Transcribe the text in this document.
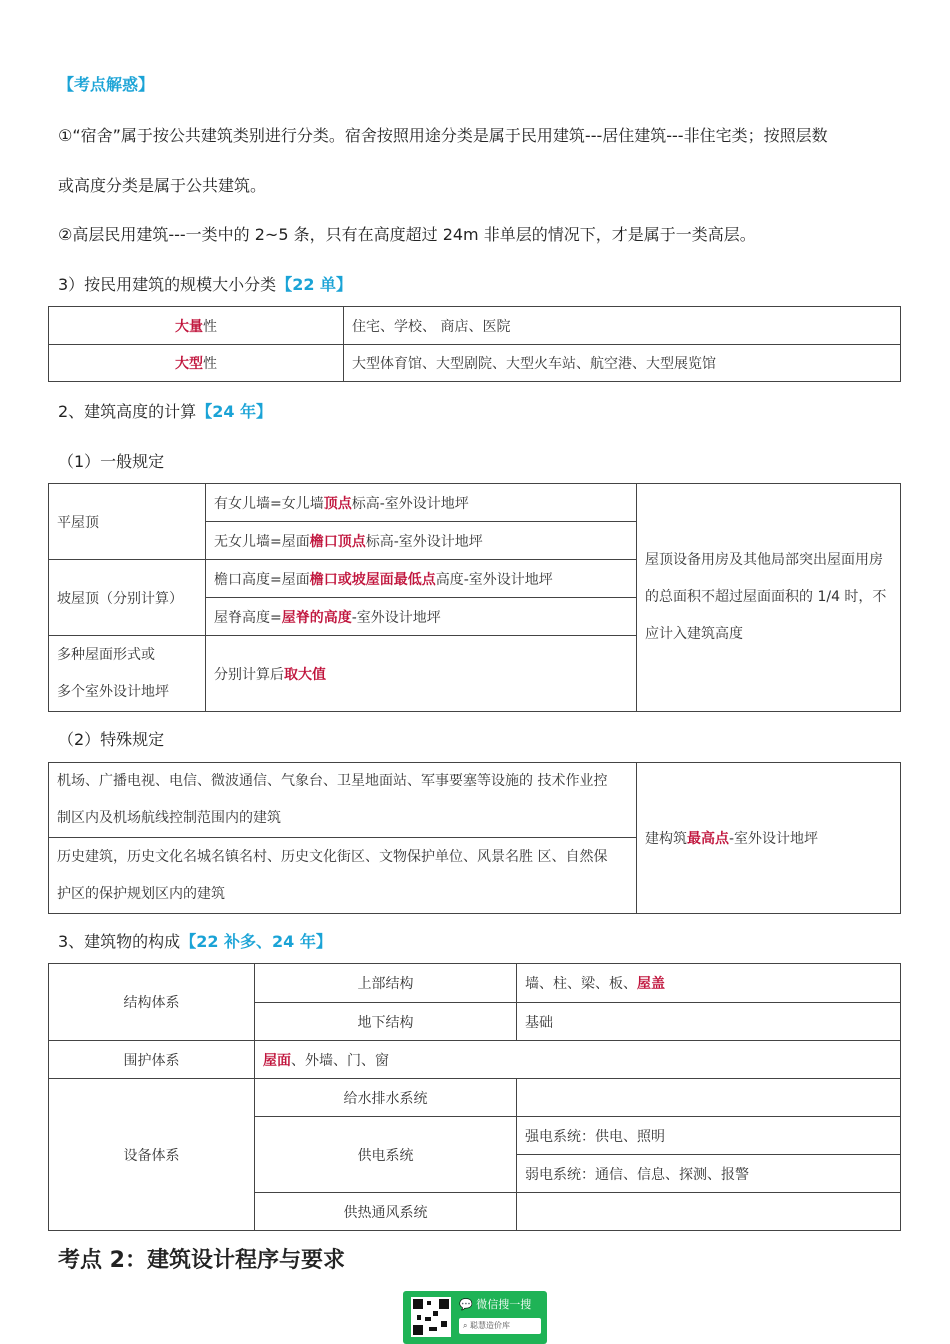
【考点解惑】
①“宿舍”属于按公共建筑类别进行分类。宿舍按照用途分类是属于民用建筑---居住建筑---非住宅类；按照层数
或高度分类是属于公共建筑。
②高层民用建筑---一类中的 2~5 条，只有在高度超过 24m 非单层的情况下，才是属于一类高层。
3）按民用建筑的规模大小分类【22 单】
大量性	住宅、学校、 商店、医院
大型性	大型体育馆、大型剧院、大型火车站、航空港、大型展览馆
2、建筑高度的计算【24 年】
（1）一般规定
平屋顶	有女儿墙=女儿墙顶点标高-室外设计地坪	屋顶设备用房及其他局部突出屋面用房
的总面积不超过屋面面积的 1/4 时，不
应计入建筑高度

	无女儿墙=屋面檐口顶点标高-室外设计地坪	
坡屋顶（分别计算）	檐口高度=屋面檐口或坡屋面最低点高度-室外设计地坪	
	屋脊高度=屋脊的高度-室外设计地坪	

多种屋面形式或
多个室外设计地坪	分别计算后取大值	
（2）特殊规定
机场、广播电视、电信、微波通信、气象台、卫星地面站、军事要塞等设施的 技术作业控
制区内及机场航线控制范围内的建筑
	建构筑最高点-室外设计地坪

历史建筑，历史文化名城名镇名村、历史文化街区、文物保护单位、风景名胜 区、自然保
护区的保护规划区内的建筑
3、建筑物的构成【22 补多、24 年】
结构体系	上部结构	墙、柱、梁、板、屋盖
	地下结构	基础
围护体系	屋面、外墙、门、窗	
设备体系	给水排水系统	
	供电系统	强电系统：供电、照明
		弱电系统：通信、信息、探测、报警
	供热通风系统	
考点 2：建筑设计程序与要求
💬 微信搜一搜
⌕ 聪慧造价库
